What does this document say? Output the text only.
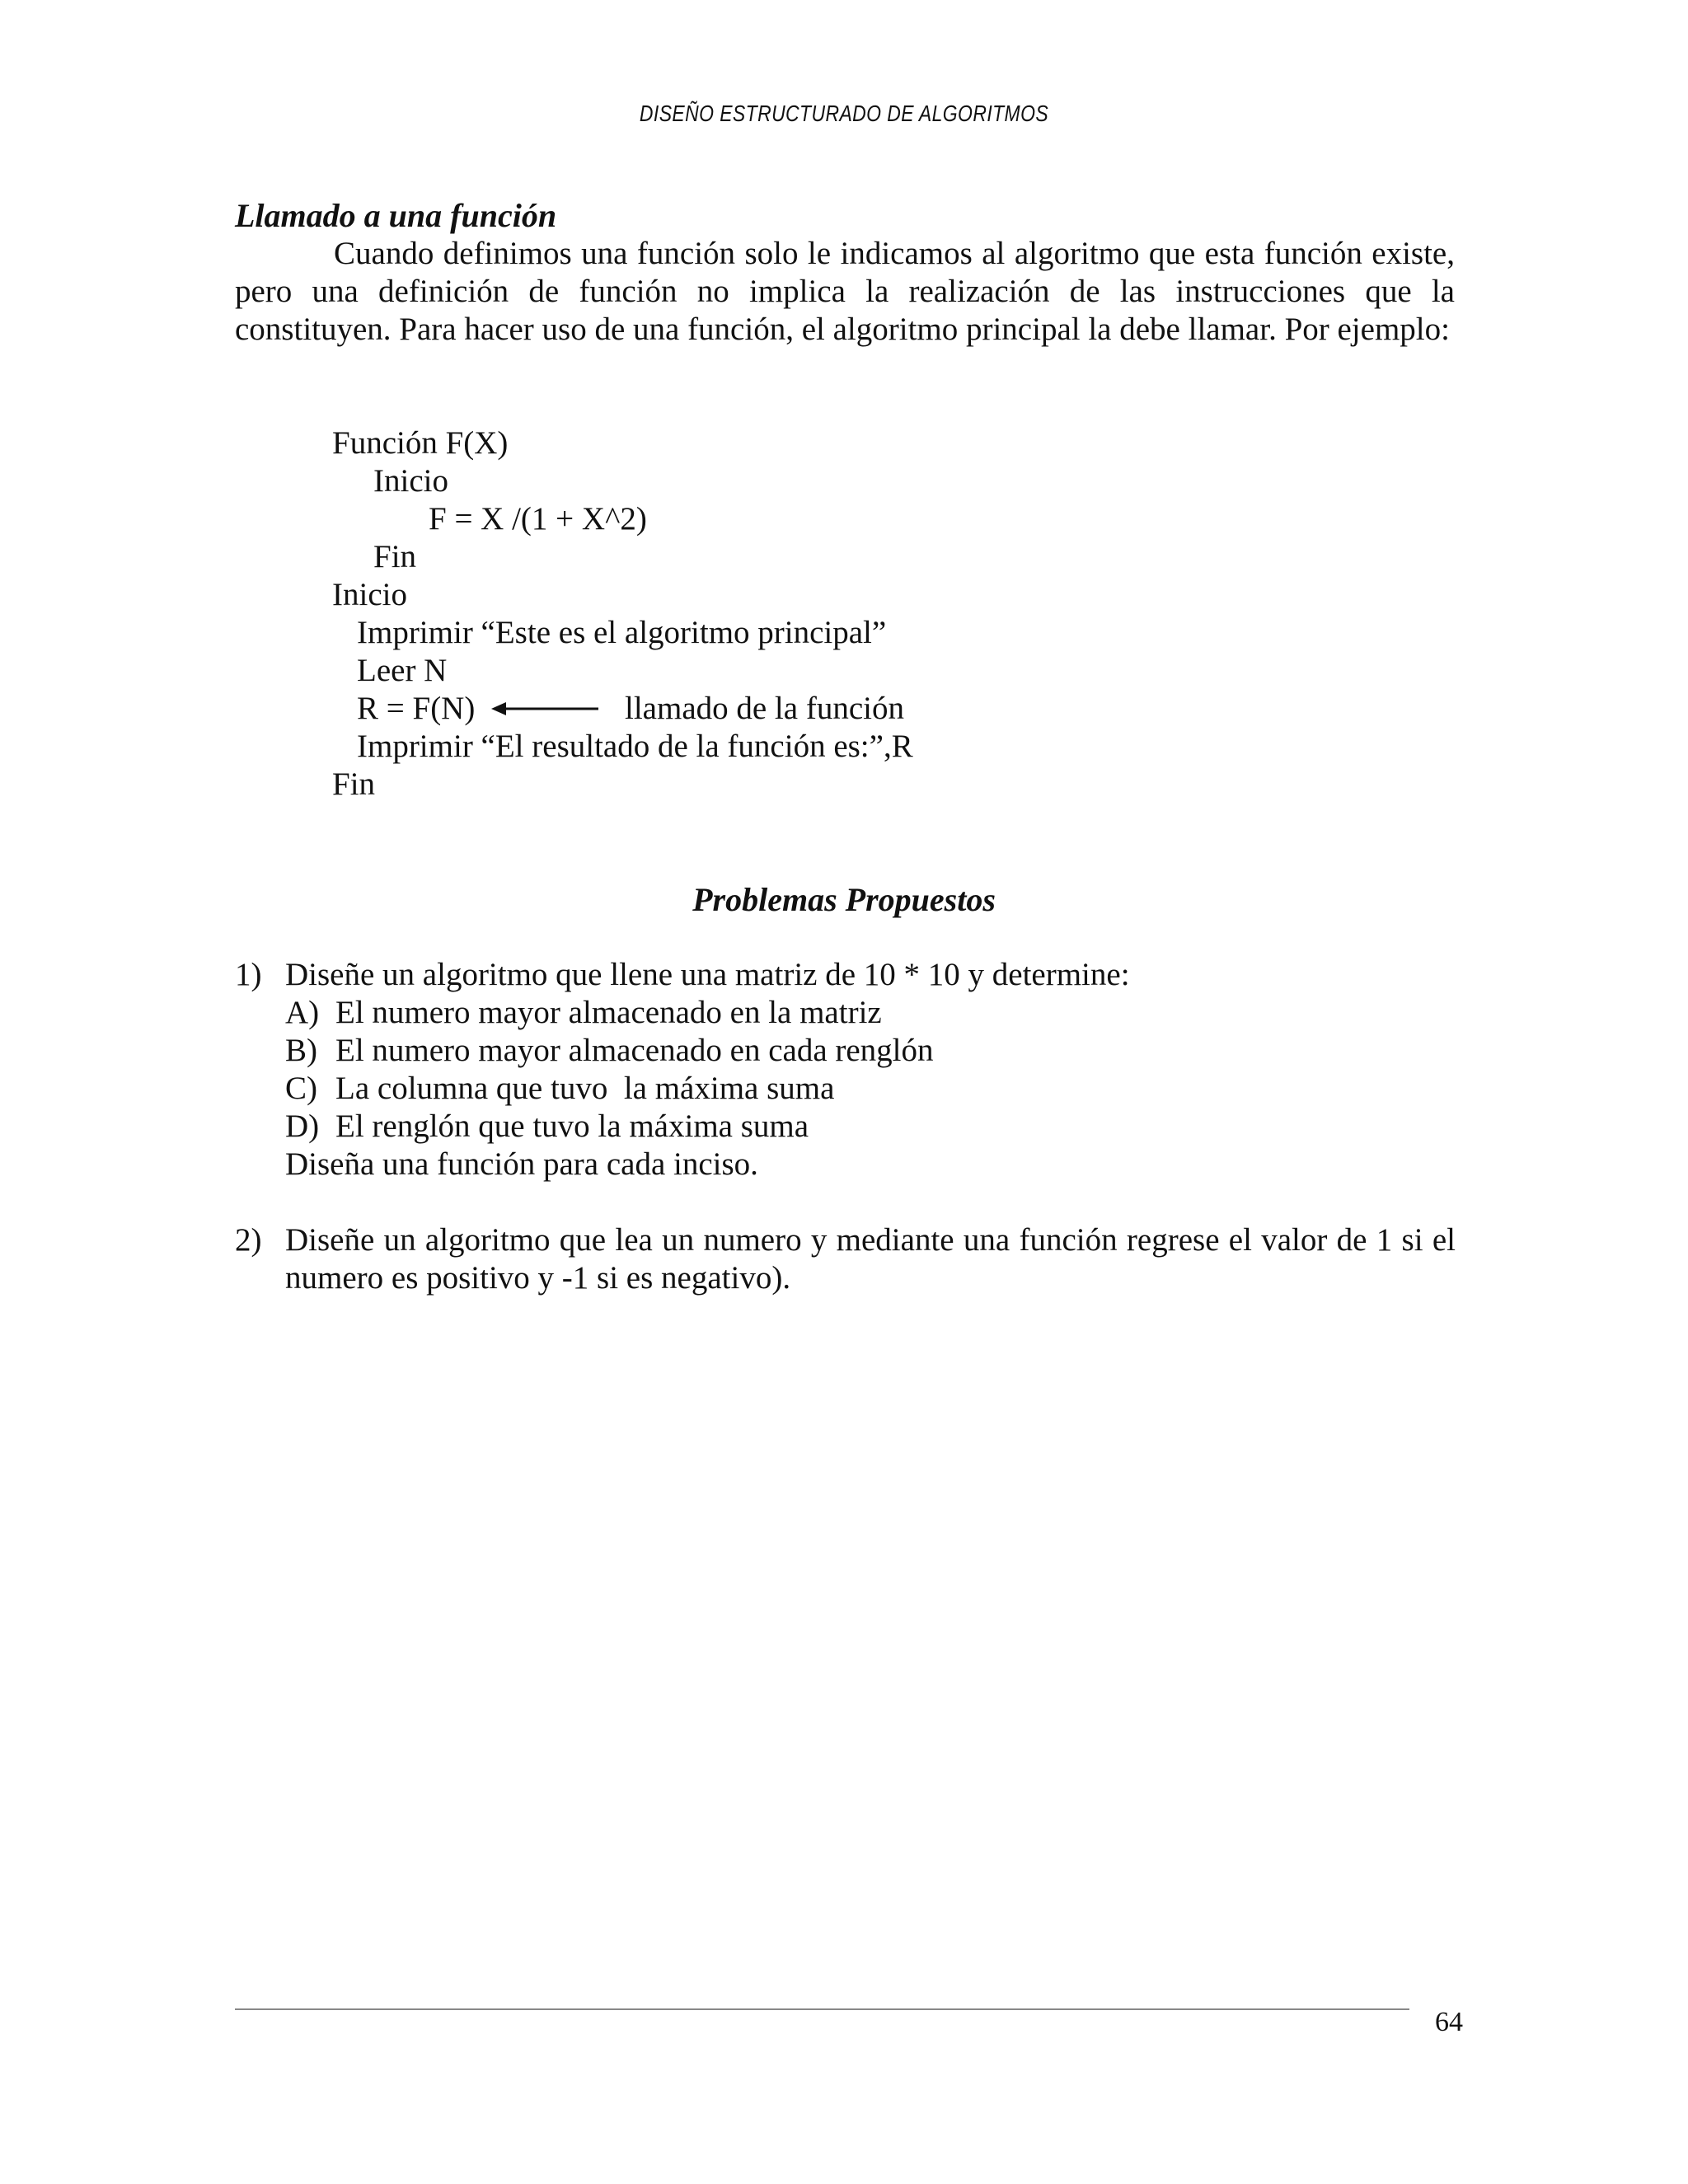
DISEÑO ESTRUCTURADO DE ALGORITMOS
Llamado a una función

Cuando definimos una función solo le indicamos al algoritmo que esta función existe, pero una definición de función no implica la realización de las instrucciones que la constituyen. Para hacer uso de una función, el algoritmo principal la debe llamar. Por ejemplo:

Función F(X)
Inicio
F = X /(1 + X^2)
Fin
Inicio
Imprimir “Este es el algoritmo principal”
Leer N
R = F(N)	llamado de la función
Imprimir “El resultado de la función es:”,R
Fin
Problemas Propuestos
1) Diseñe un algoritmo que llene una matriz de 10 * 10 y determine:

A) El numero mayor almacenado en la matriz
B) El numero mayor almacenado en cada renglón
C) La columna que tuvo  la máxima suma
D) El renglón que tuvo la máxima suma
Diseña una función para cada inciso.
2) Diseñe un algoritmo que lea un numero y mediante una función regrese el valor de 1 si el numero es positivo y -1 si es negativo).

64
